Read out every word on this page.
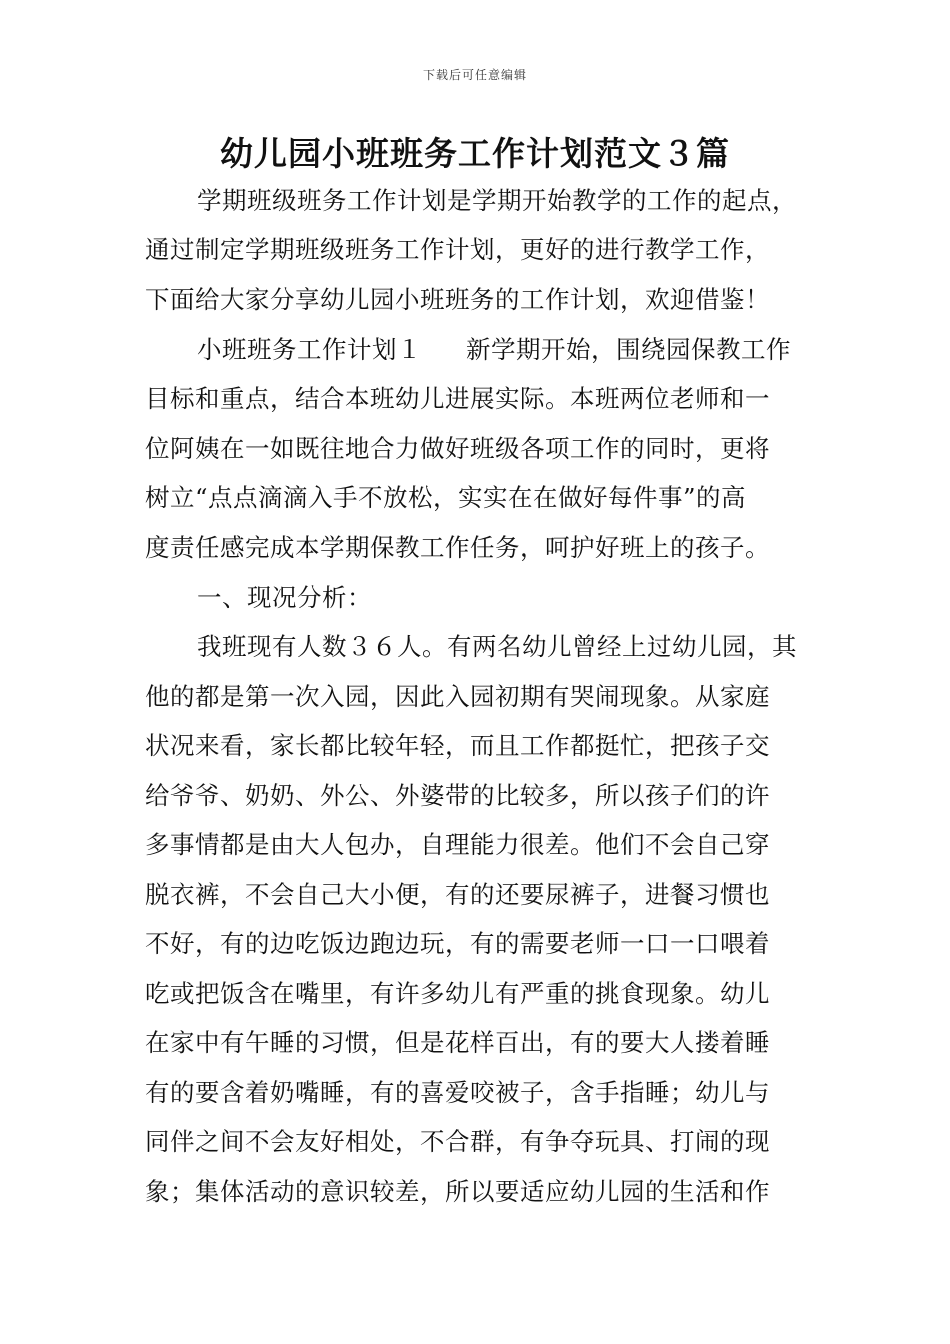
下载后可任意编辑
幼儿园小班班务工作计划范文３篇
学期班级班务工作计划是学期开始教学的工作的起点，
通过制定学期班级班务工作计划，更好的进行教学工作，
下面给大家分享幼儿园小班班务的工作计划，欢迎借鉴！
小班班务工作计划１ 新学期开始，围绕园保教工作
目标和重点，结合本班幼儿进展实际。本班两位老师和一
位阿姨在一如既往地合力做好班级各项工作的同时，更将
树立“点点滴滴入手不放松，实实在在做好每件事”的高
度责任感完成本学期保教工作任务，呵护好班上的孩子。
一、现况分析：
我班现有人数３６人。有两名幼儿曾经上过幼儿园，其
他的都是第一次入园，因此入园初期有哭闹现象。从家庭
状况来看，家长都比较年轻，而且工作都挺忙，把孩子交
给爷爷、奶奶、外公、外婆带的比较多，所以孩子们的许
多事情都是由大人包办，自理能力很差。他们不会自己穿
脱衣裤，不会自己大小便，有的还要尿裤子，进餐习惯也
不好，有的边吃饭边跑边玩，有的需要老师一口一口喂着
吃或把饭含在嘴里，有许多幼儿有严重的挑食现象。幼儿
在家中有午睡的习惯，但是花样百出，有的要大人搂着睡
有的要含着奶嘴睡，有的喜爱咬被子，含手指睡；幼儿与
同伴之间不会友好相处，不合群，有争夺玩具、打闹的现
象；集体活动的意识较差，所以要适应幼儿园的生活和作
